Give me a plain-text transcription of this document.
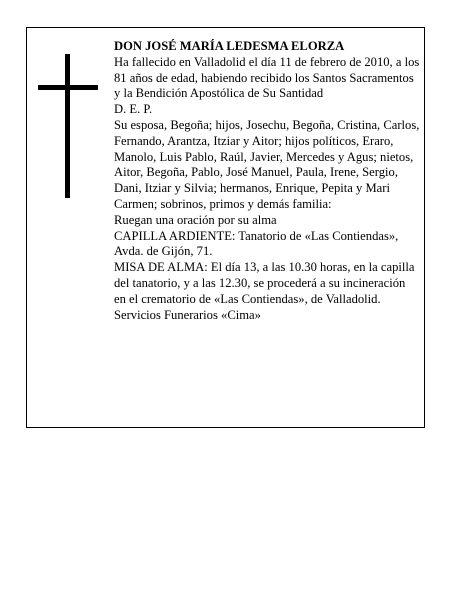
DON JOSÉ MARÍA LEDESMA ELORZA

Ha fallecido en Valladolid el día 11 de febrero de 2010, a los 81 años de edad, habiendo recibido los Santos Sacramentos y la Bendición Apostólica de Su Santidad

D. E. P.

Su esposa, Begoña; hijos, Josechu, Begoña, Cristina, Carlos, Fernando, Arantza, Itziar y Aitor; hijos políticos, Eraro, Manolo, Luis Pablo, Raúl, Javier, Mercedes y Agus; nietos, Aitor, Begoña, Pablo, José Manuel, Paula, Irene, Sergio, Dani, Itziar y Silvia; hermanos, Enrique, Pepita y Mari Carmen; sobrinos, primos y demás familia:

Ruegan una oración por su alma

CAPILLA ARDIENTE: Tanatorio de «Las Contiendas», Avda. de Gijón, 71.

MISA DE ALMA: El día 13, a las 10.30 horas, en la capilla del tanatorio, y a las 12.30, se procederá a su incineración en el crematorio de «Las Contiendas», de Valladolid.

Servicios Funerarios «Cima»
